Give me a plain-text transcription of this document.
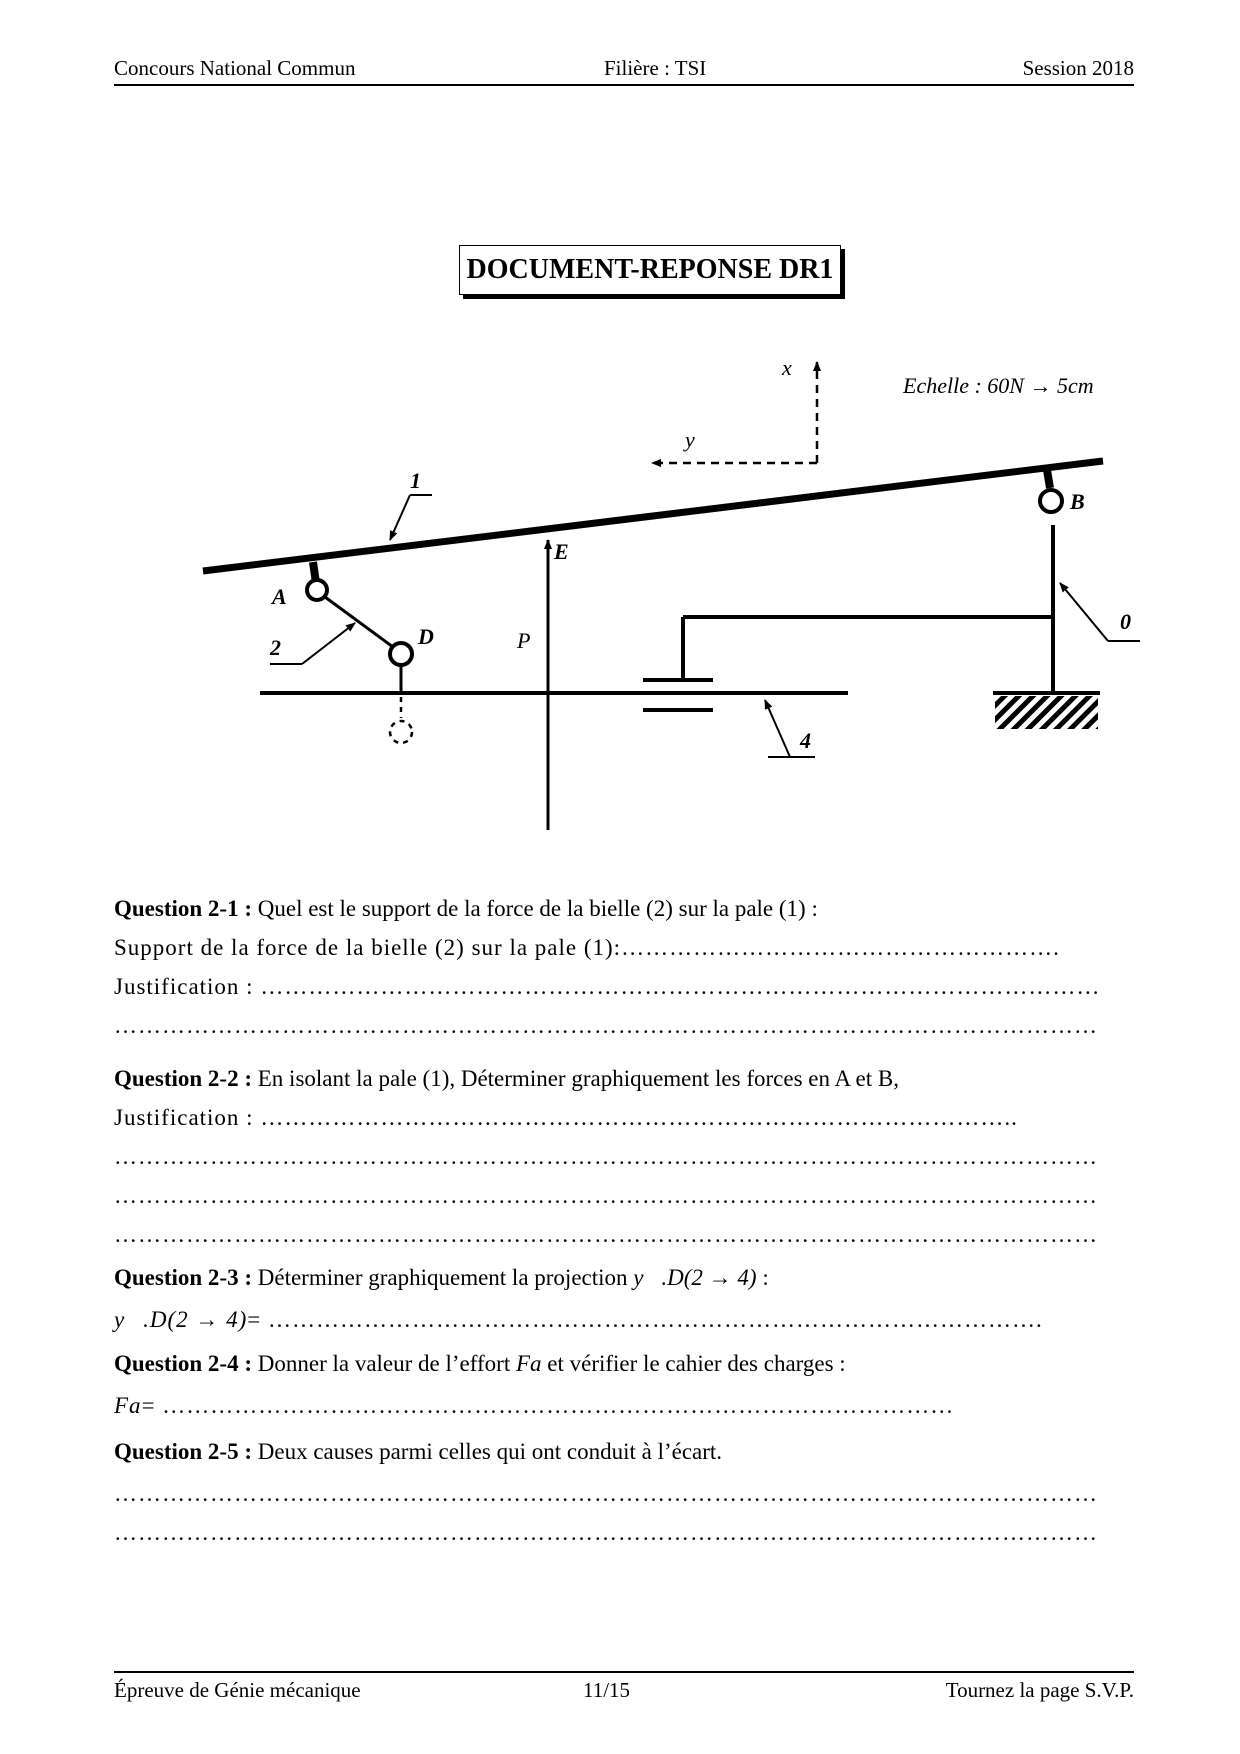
Concours National Commun	Filière : TSI	Session 2018
DOCUMENT-REPONSE DR1
x⃗
y⃗
Echelle : 60N → 5cm
1
A
D
2
4
E
P⃗
B
0
Question 2-1 : Quel est le support de la force de la bielle (2) sur la pale (1) :
Support de la force de la bielle (2) sur la pale (1):……………………………………………….
Justification : ……………………………………………………………………………………………
……………………………………………………………………………………………………………
Question 2-2 : En isolant la pale (1), Déterminer graphiquement les forces en A et B,
Justification : …………………………………………………………………………………..
……………………………………………………………………………………………………………
……………………………………………………………………………………………………………
……………………………………………………………………………………………………………
Question 2-3 : Déterminer graphiquement la projection y⃗.D(2 → 4) :
y⃗.D(2 → 4)= …………………………………………………………………………………….
Question 2-4 : Donner la valeur de l’effort Fa et vérifier le cahier des charges :
Fa= ………………………………………………………………………………………
Question 2-5 : Deux causes parmi celles qui ont conduit à l’écart.
……………………………………………………………………………………………………………
……………………………………………………………………………………………………………
Épreuve de Génie mécanique	11/15	Tournez la page S.V.P.
